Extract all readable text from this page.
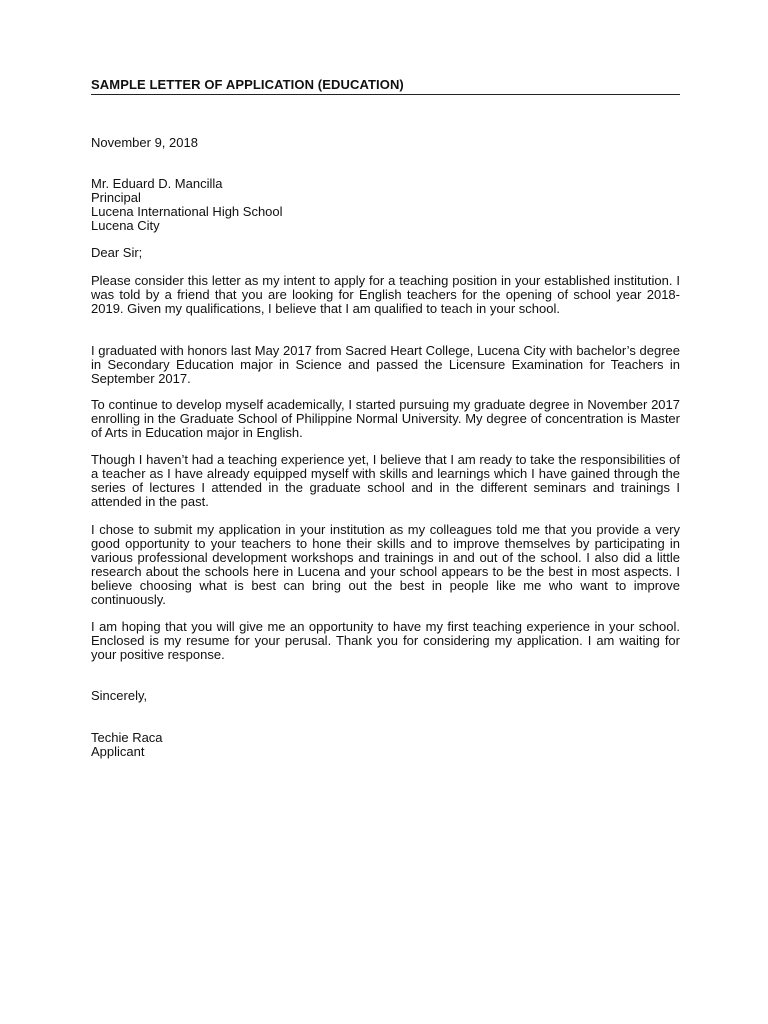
SAMPLE LETTER OF APPLICATION (EDUCATION)
November 9, 2018
Mr. Eduard D. Mancilla
Principal
Lucena International High School
Lucena City
Dear Sir;

Please consider this letter as my intent to apply for a teaching position in your established institution. I was told by a friend that you are looking for English teachers for the opening of school year 2018-2019. Given my qualifications, I believe that I am qualified to teach in your school.

I graduated with honors last May 2017 from Sacred Heart College, Lucena City with bachelor’s degree in Secondary Education major in Science and passed the Licensure Examination for Teachers in September 2017.

To continue to develop myself academically, I started pursuing my graduate degree in November 2017 enrolling in the Graduate School of Philippine Normal University. My degree of concentration is Master of Arts in Education major in English.

Though I haven’t had a teaching experience yet, I believe that I am ready to take the responsibilities of a teacher as I have already equipped myself with skills and learnings which I have gained through the series of lectures I attended in the graduate school and in the different seminars and trainings I attended in the past.

I chose to submit my application in your institution as my colleagues told me that you provide a very good opportunity to your teachers to hone their skills and to improve themselves by participating in various professional development workshops and trainings in and out of the school. I also did a little research about the schools here in Lucena and your school appears to be the best in most aspects. I believe choosing what is best can bring out the best in people like me who want to improve continuously.

I am hoping that you will give me an opportunity to have my first teaching experience in your school. Enclosed is my resume for your perusal. Thank you for considering my application. I am waiting for your positive response.

Sincerely,
Techie Raca
Applicant
